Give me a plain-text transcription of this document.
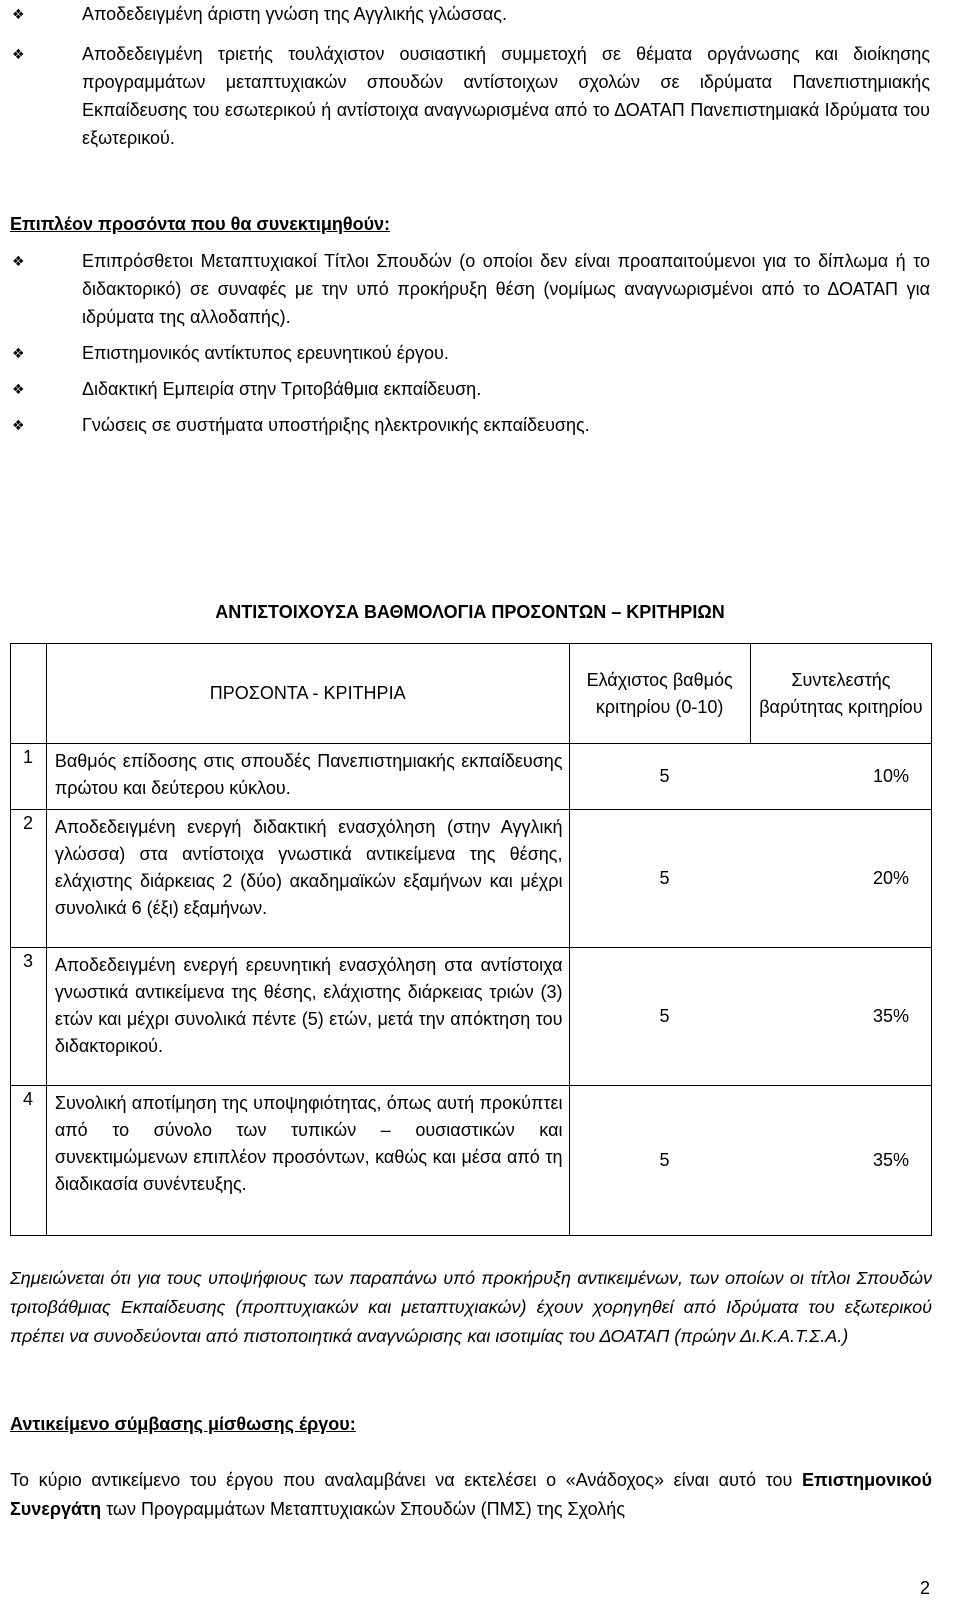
❖	Αποδεδειγμένη άριστη γνώση της Αγγλικής γλώσσας.
❖	Αποδεδειγμένη τριετής τουλάχιστον ουσιαστική συμμετοχή σε θέματα οργάνωσης και διοίκησης προγραμμάτων μεταπτυχιακών σπουδών αντίστοιχων σχολών σε ιδρύματα Πανεπιστημιακής Εκπαίδευσης του εσωτερικού ή αντίστοιχα αναγνωρισμένα από το ΔΟΑΤΑΠ Πανεπιστημιακά Ιδρύματα του εξωτερικού.
Επιπλέον προσόντα που θα συνεκτιμηθούν:
❖	Επιπρόσθετοι Μεταπτυχιακοί Τίτλοι Σπουδών (ο οποίοι δεν είναι προαπαιτούμενοι για το δίπλωμα ή το διδακτορικό) σε συναφές με την υπό προκήρυξη θέση (νομίμως αναγνωρισμένοι από το ΔΟΑΤΑΠ για ιδρύματα της αλλοδαπής).
❖	Επιστημονικός αντίκτυπος ερευνητικού έργου.
❖	Διδακτική Εμπειρία στην Τριτοβάθμια εκπαίδευση.
❖	Γνώσεις σε συστήματα υποστήριξης ηλεκτρονικής εκπαίδευσης.
ΑΝΤΙΣΤΟΙΧΟΥΣΑ ΒΑΘΜΟΛΟΓΙΑ ΠΡΟΣΟΝΤΩΝ – ΚΡΙΤΗΡΙΩΝ
	ΠΡΟΣΟΝΤΑ - ΚΡΙΤΗΡΙΑ	Ελάχιστος βαθμός κριτηρίου (0-10)	Συντελεστής βαρύτητας κριτηρίου
1	Βαθμός επίδοσης στις σπουδές Πανεπιστημιακής εκπαίδευσης πρώτου και δεύτερου κύκλου.	5 10%	

2	Αποδεδειγμένη ενεργή διδακτική ενασχόληση (στην Αγγλική γλώσσα) στα αντίστοιχα γνωστικά αντικείμενα της θέσης, ελάχιστης διάρκειας 2 (δύο) ακαδημαϊκών εξαμήνων και μέχρι συνολικά 6 (έξι) εξαμήνων.	5 20%	

3	Αποδεδειγμένη ενεργή ερευνητική ενασχόληση στα αντίστοιχα γνωστικά αντικείμενα της θέσης, ελάχιστης διάρκειας τριών (3) ετών και μέχρι συνολικά πέντε (5) ετών, μετά την απόκτηση του διδακτορικού.	5 35%	

4	Συνολική αποτίμηση της υποψηφιότητας, όπως αυτή προκύπτει από το σύνολο των τυπικών – ουσιαστικών και συνεκτιμώμενων επιπλέον προσόντων, καθώς και μέσα από τη διαδικασία συνέντευξης.	5 35%	
Σημειώνεται ότι για τους υποψήφιους των παραπάνω υπό προκήρυξη αντικειμένων, των οποίων οι τίτλοι Σπουδών τριτοβάθμιας Εκπαίδευσης (προπτυχιακών και μεταπτυχιακών) έχουν χορηγηθεί από Ιδρύματα του εξωτερικού πρέπει να συνοδεύονται από πιστοποιητικά αναγνώρισης και ισοτιμίας του ΔΟΑΤΑΠ (πρώην Δι.Κ.Α.Τ.Σ.Α.)
Αντικείμενο σύμβασης μίσθωσης έργου:
Το κύριο αντικείμενο του έργου που αναλαμβάνει να εκτελέσει ο «Ανάδοχος» είναι αυτό του Επιστημονικού Συνεργάτη των Προγραμμάτων Μεταπτυχιακών Σπουδών (ΠΜΣ) της Σχολής
2
